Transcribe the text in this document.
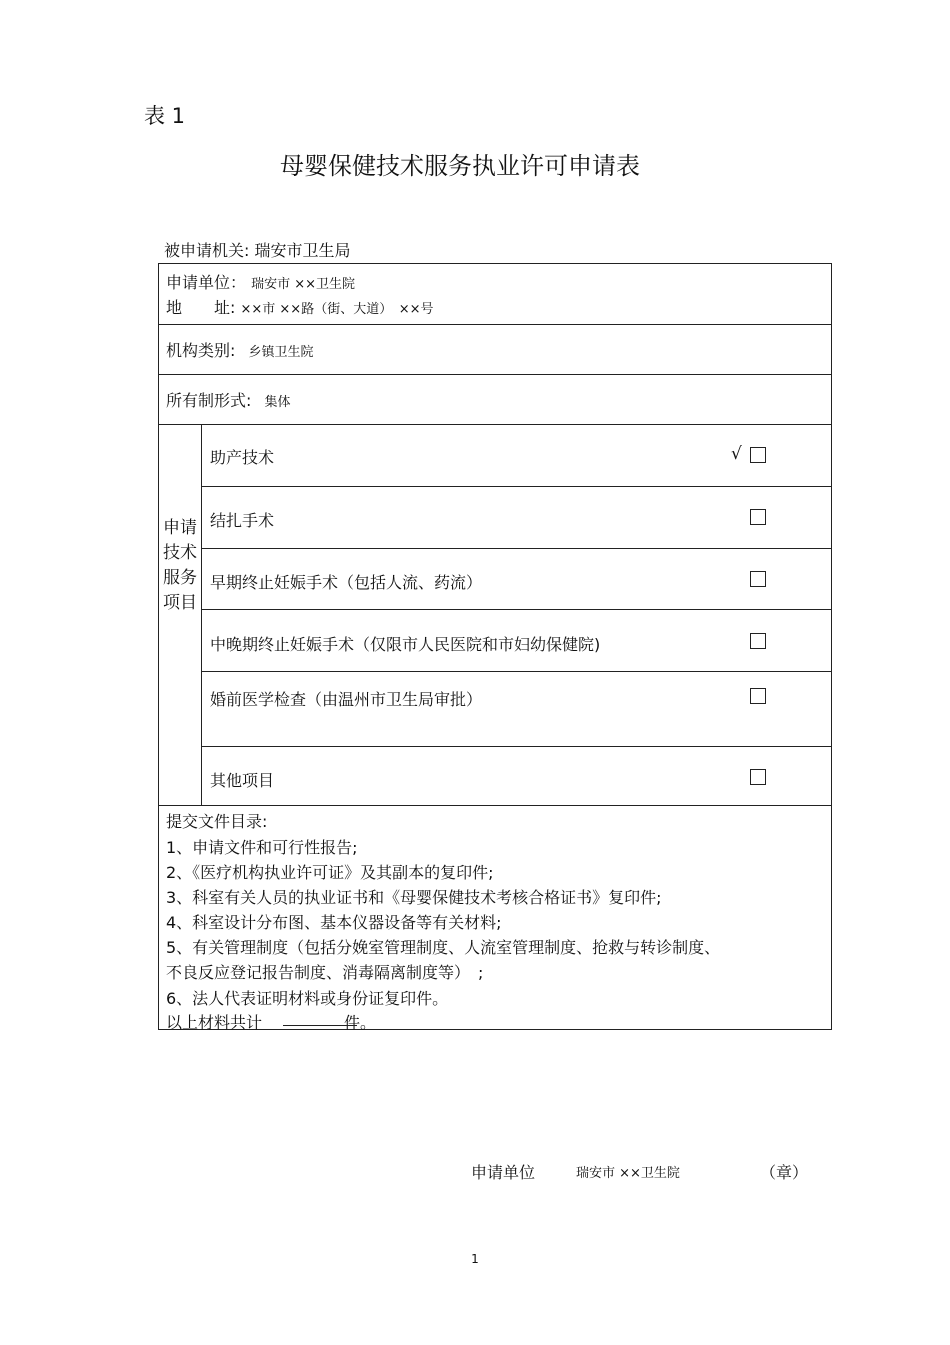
表 1
母婴保健技术服务执业许可申请表
被申请机关: 瑞安市卫生局
申请单位： 瑞安市 ××卫生院
地　　址: ××市 ××路（街、大道）　××号
机构类别: 乡镇卫生院
所有制形式: 集体
申请技术服务项目
助产技术	√
结扎手术
早期终止妊娠手术（包括人流、药流）
中晚期终止妊娠手术（仅限市人民医院和市妇幼保健院)
婚前医学检查（由温州市卫生局审批）
其他项目
提交文件目录:
1、申请文件和可行性报告;
2、《医疗机构执业许可证》及其副本的复印件;
3、科室有关人员的执业证书和《母婴保健技术考核合格证书》复印件;
4、科室设计分布图、基本仪器设备等有关材料;
5、有关管理制度（包括分娩室管理制度、人流室管理制度、抢救与转诊制度、
不良反应登记报告制度、消毒隔离制度等）　;
6、法人代表证明材料或身份证复印件。
以上材料共计	件。
申请单位	瑞安市 ××卫生院	（章）
1
